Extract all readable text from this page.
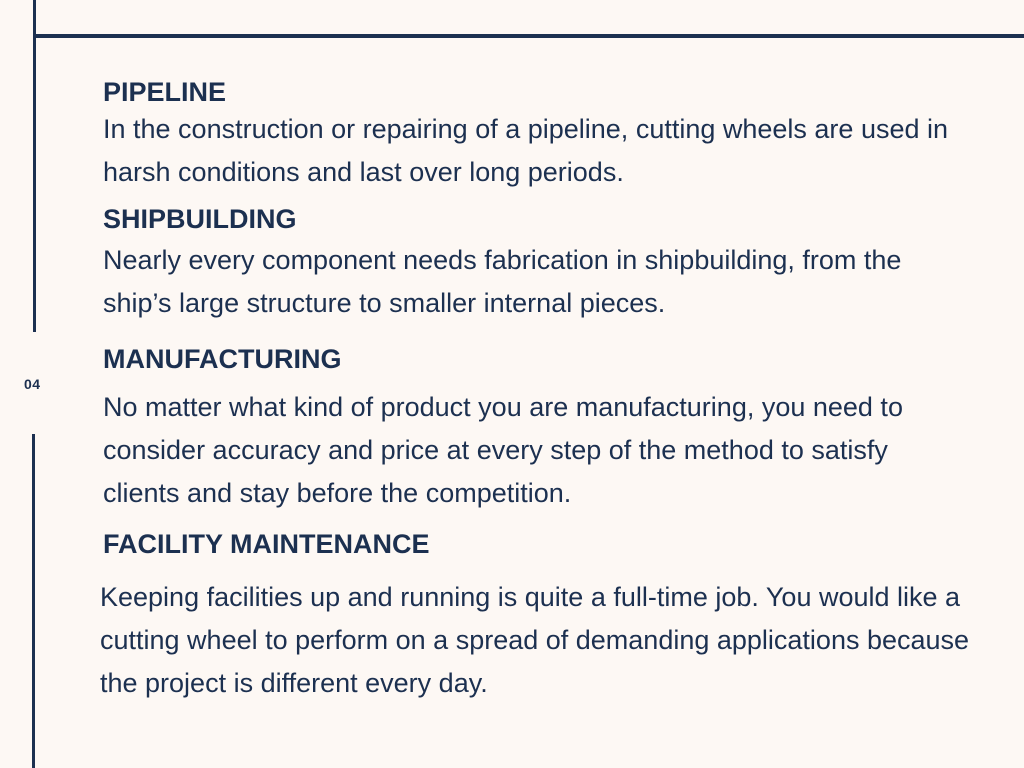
04
PIPELINE

In the construction or repairing of a pipeline, cutting wheels are used in harsh conditions and last over long periods.

SHIPBUILDING

Nearly every component needs fabrication in shipbuilding, from the ship’s large structure to smaller internal pieces.

MANUFACTURING

No matter what kind of product you are manufacturing, you need to consider accuracy and price at every step of the method to satisfy clients and stay before the competition.

FACILITY MAINTENANCE

Keeping facilities up and running is quite a full-time job. You would like a cutting wheel to perform on a spread of demanding applications because the project is different every day.
